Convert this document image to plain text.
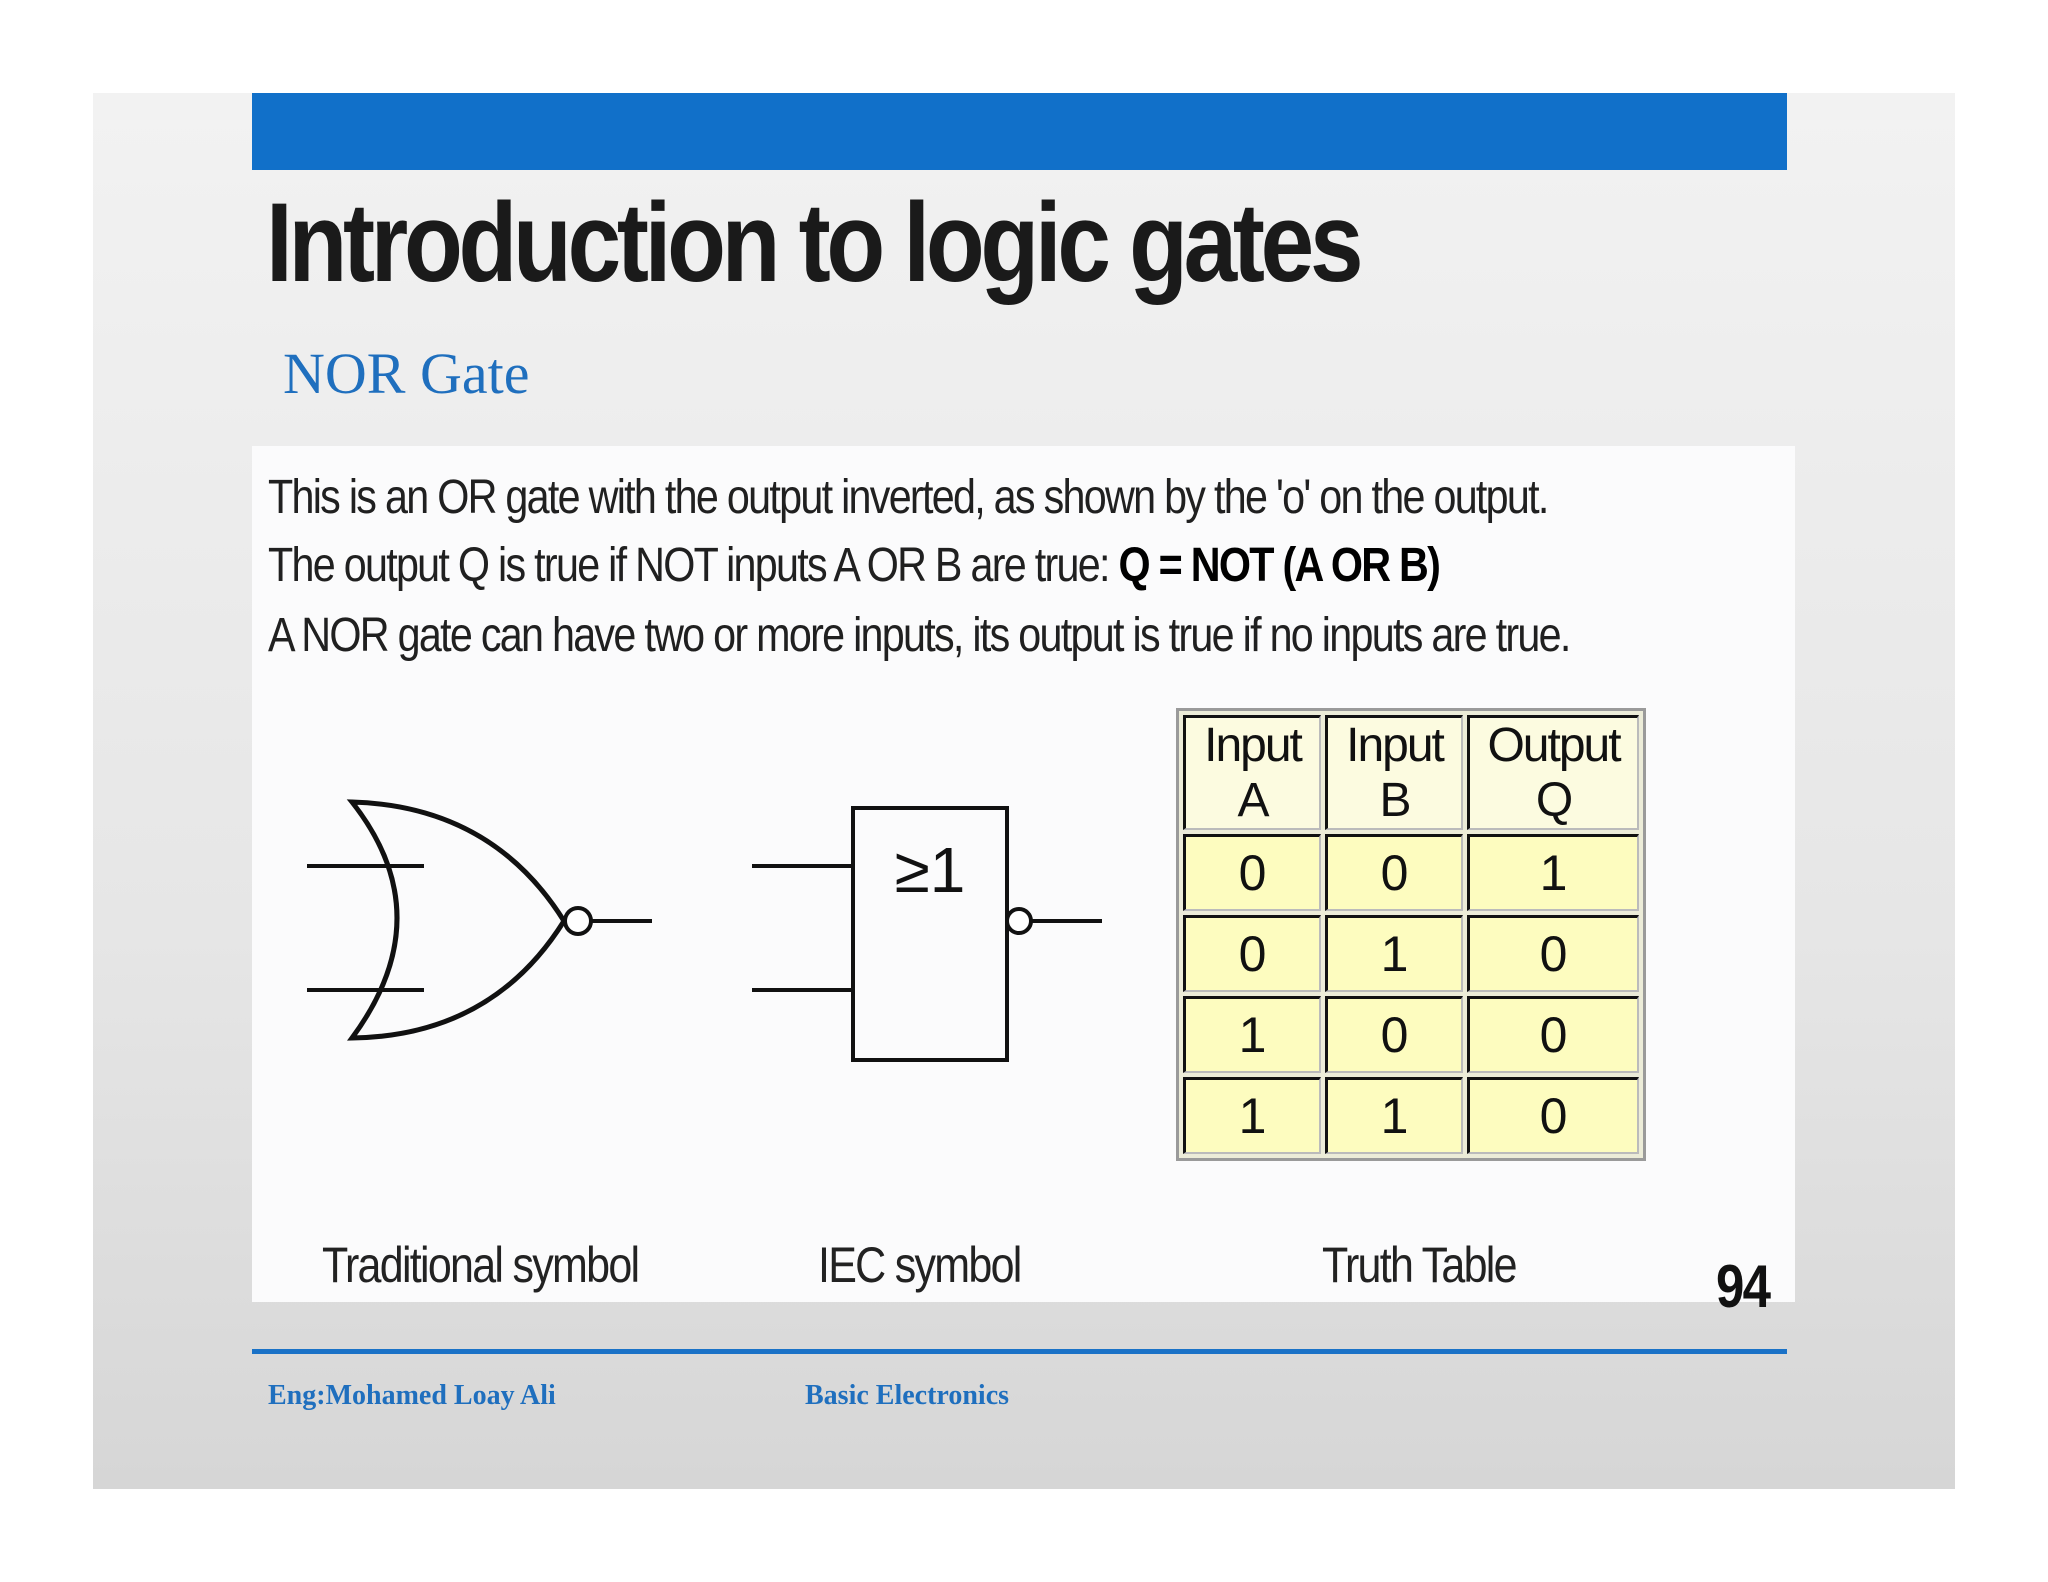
Introduction to logic gates
NOR Gate
This is an OR gate with the output inverted, as shown by the 'o' on the output.
The output Q is true if NOT inputs A OR B are true: Q = NOT (A OR B)
A NOR gate can have two or more inputs, its output is true if no inputs are true.
≥1
Input A	Input B	Output Q
0	0	1
0	1	0
1	0	0
1	1	0
Traditional symbol	IEC symbol	Truth Table	94
Eng:Mohamed Loay Ali	Basic Electronics
